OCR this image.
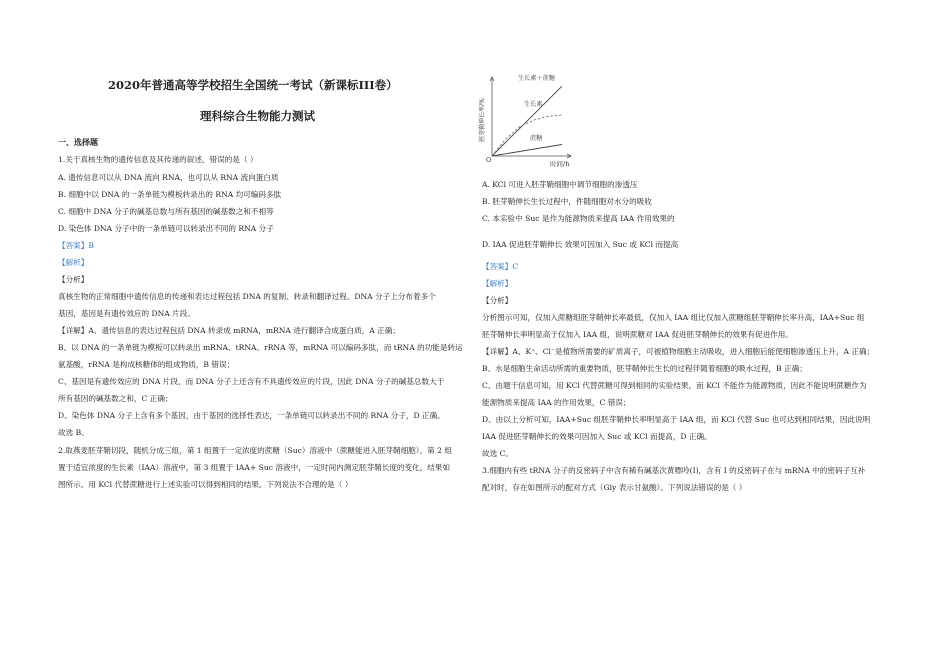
2020年普通高等学校招生全国统一考试（新课标III卷）
理科综合生物能力测试
一、选择题
1.关于真核生物的遗传信息及其传递的叙述，错误的是（ ）
A. 遗传信息可以从 DNA 流向 RNA，也可以从 RNA 流向蛋白质
B. 细胞中以 DNA 的一条单链为模板转录出的 RNA 均可编码多肽
C. 细胞中 DNA 分子的碱基总数与所有基因的碱基数之和不相等
D. 染色体 DNA 分子中的一条单链可以转录出不同的 RNA 分子
【答案】B
【解析】
【分析】
真核生物的正常细胞中遗传信息的传递和表达过程包括 DNA 的复制、转录和翻译过程。DNA 分子上分布着多个
基因，基因是有遗传效应的 DNA 片段。
【详解】A、遗传信息的表达过程包括 DNA 转录成 mRNA，mRNA 进行翻译合成蛋白质，A 正确；
B、以 DNA 的一条单链为模板可以转录出 mRNA、tRNA、rRNA 等，mRNA 可以编码多肽，而 tRNA 的功能是转运
氨基酸，rRNA 是构成核糖体的组成物质，B 错误；
C、基因是有遗传效应的 DNA 片段，而 DNA 分子上还含有不具遗传效应的片段，因此 DNA 分子的碱基总数大于
所有基因的碱基数之和，C 正确；
D、染色体 DNA 分子上含有多个基因，由于基因的选择性表达，一条单链可以转录出不同的 RNA 分子，D 正确。
故选 B。
2.取燕麦胚芽鞘切段，随机分成三组，第 1 组置于一定浓度的蔗糖（Suc）溶液中（蔗糖能进入胚芽鞘细胞），第 2 组
置于适宜浓度的生长素（IAA）溶液中，第 3 组置于 IAA+ Suc 溶液中，一定时间内测定胚芽鞘长度的变化，结果如
图所示。用 KCl 代替蔗糖进行上述实验可以得到相同的结果。下列说法不合理的是（ ）
生长素＋蔗糖
生长素
蔗糖
胚芽鞘伸长率/%
时间/h
O
A. KCl 可进入胚芽鞘细胞中调节细胞的渗透压
B. 胚芽鞘伸长生长过程中，件随细胞对水分的吸收
C. 本实验中 Suc 是作为能源物质来提高 IAA 作用效果的
D. IAA 促进胚芽鞘伸长 效果可因加入 Suc 或 KCl 而提高
【答案】C
【解析】
【分析】
分析图示可知，仅加入蔗糖组胚芽鞘伸长率最低，仅加入 IAA 组比仅加入蔗糖组胚芽鞘伸长率升高，IAA+Suc 组
胚芽鞘伸长率明显高于仅加入 IAA 组，说明蔗糖对 IAA 促进胚芽鞘伸长的效果有促进作用。
【详解】A、K⁺、Cl⁻是植物所需要的矿质离子，可被植物细胞主动吸收，进入细胞后能使细胞渗透压上升，A 正确；
B、水是细胞生命活动所需的重要物质，胚芽鞘伸长生长的过程伴随着细胞的吸水过程，B 正确；
C、由题干信息可知，用 KCl 代替蔗糖可得到相同的实验结果，而 KCl 不能作为能源物质，因此不能说明蔗糖作为
能源物质来提高 IAA 的作用效果，C 错误；
D、由以上分析可知，IAA+Suc 组胚芽鞘伸长率明显高于 IAA 组，而 KCl 代替 Suc 也可达到相同结果，因此说明
IAA 促进胚芽鞘伸长的效果可因加入 Suc 或 KCl 而提高，D 正确。
故选 C。
3.细胞内有些 tRNA 分子的反密码子中含有稀有碱基次黄嘌呤(I)，含有 I 的反密码子在与 mRNA 中的密码子互补
配对时，存在如图所示的配对方式（Gly 表示甘氨酸）。下列说法错误的是（ ）
